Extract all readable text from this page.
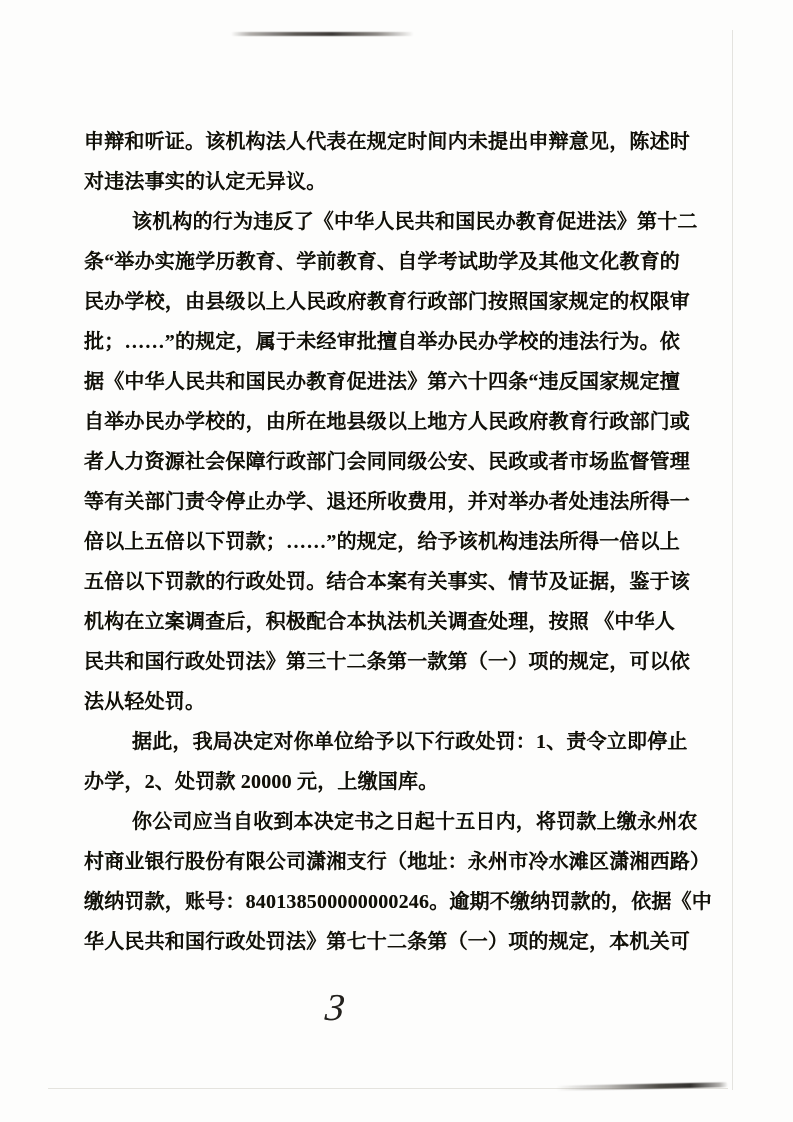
申辩和听证。该机构法人代表在规定时间内未提出申辩意见，陈述时
对违法事实的认定无异议。
该机构的行为违反了《中华人民共和国民办教育促进法》第十二
条“举办实施学历教育、学前教育、自学考试助学及其他文化教育的
民办学校，由县级以上人民政府教育行政部门按照国家规定的权限审
批；……”的规定，属于未经审批擅自举办民办学校的违法行为。依
据《中华人民共和国民办教育促进法》第六十四条“违反国家规定擅
自举办民办学校的，由所在地县级以上地方人民政府教育行政部门或
者人力资源社会保障行政部门会同同级公安、民政或者市场监督管理
等有关部门责令停止办学、退还所收费用，并对举办者处违法所得一
倍以上五倍以下罚款；……”的规定，给予该机构违法所得一倍以上
五倍以下罚款的行政处罚。结合本案有关事实、情节及证据，鉴于该
机构在立案调查后，积极配合本执法机关调查处理，按照 《中华人
民共和国行政处罚法》第三十二条第一款第（一）项的规定，可以依
法从轻处罚。
据此，我局决定对你单位给予以下行政处罚：1、责令立即停止
办学，2、处罚款 20000 元，上缴国库。
你公司应当自收到本决定书之日起十五日内，将罚款上缴永州农
村商业银行股份有限公司潇湘支行（地址：永州市冷水滩区潇湘西路）
缴纳罚款，账号：840138500000000246。逾期不缴纳罚款的，依据《中
华人民共和国行政处罚法》第七十二条第（一）项的规定，本机关可
3
